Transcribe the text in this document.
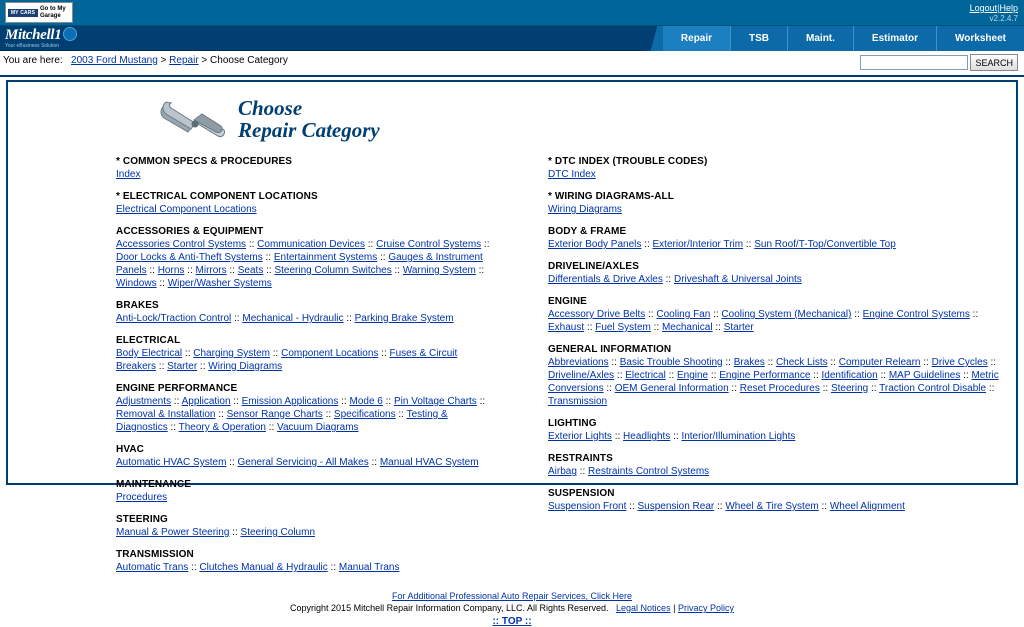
MY CARS
Go to My
Garage
Logout|Help
v2.2.4.7
Mitchell1
Your eBusiness Solution
Repair	TSB	Maint.	Estimator	Worksheet
You are here: 2003 Ford Mustang > Repair > Choose Category	SEARCH
Choose
Repair Category
* COMMON SPECS & PROCEDURES
Index
* ELECTRICAL COMPONENT LOCATIONS
Electrical Component Locations
ACCESSORIES & EQUIPMENT
Accessories Control Systems :: Communication Devices :: Cruise Control Systems :: Door Locks & Anti-Theft Systems :: Entertainment Systems :: Gauges & Instrument Panels :: Horns :: Mirrors :: Seats :: Steering Column Switches :: Warning System :: Windows :: Wiper/Washer Systems
BRAKES
Anti-Lock/Traction Control :: Mechanical - Hydraulic :: Parking Brake System
ELECTRICAL
Body Electrical :: Charging System :: Component Locations :: Fuses & Circuit Breakers :: Starter :: Wiring Diagrams
ENGINE PERFORMANCE
Adjustments :: Application :: Emission Applications :: Mode 6 :: Pin Voltage Charts :: Removal & Installation :: Sensor Range Charts :: Specifications :: Testing & Diagnostics :: Theory & Operation :: Vacuum Diagrams
HVAC
Automatic HVAC System :: General Servicing - All Makes :: Manual HVAC System
MAINTENANCE
Procedures
STEERING
Manual & Power Steering :: Steering Column
TRANSMISSION
Automatic Trans :: Clutches Manual & Hydraulic :: Manual Trans
* DTC INDEX (TROUBLE CODES)
DTC Index
* WIRING DIAGRAMS-ALL
Wiring Diagrams
BODY & FRAME
Exterior Body Panels :: Exterior/Interior Trim :: Sun Roof/T-Top/Convertible Top
DRIVELINE/AXLES
Differentials & Drive Axles :: Driveshaft & Universal Joints
ENGINE
Accessory Drive Belts :: Cooling Fan :: Cooling System (Mechanical) :: Engine Control Systems :: Exhaust :: Fuel System :: Mechanical :: Starter
GENERAL INFORMATION
Abbreviations :: Basic Trouble Shooting :: Brakes :: Check Lists :: Computer Relearn :: Drive Cycles :: Driveline/Axles :: Electrical :: Engine :: Engine Performance :: Identification :: MAP Guidelines :: Metric Conversions :: OEM General Information :: Reset Procedures :: Steering :: Traction Control Disable :: Transmission
LIGHTING
Exterior Lights :: Headlights :: Interior/Illumination Lights
RESTRAINTS
Airbag :: Restraints Control Systems
SUSPENSION
Suspension Front :: Suspension Rear :: Wheel & Tire System :: Wheel Alignment
For Additional Professional Auto Repair Services, Click Here
Copyright 2015 Mitchell Repair Information Company, LLC. All Rights Reserved. Legal Notices | Privacy Policy
:: TOP ::
